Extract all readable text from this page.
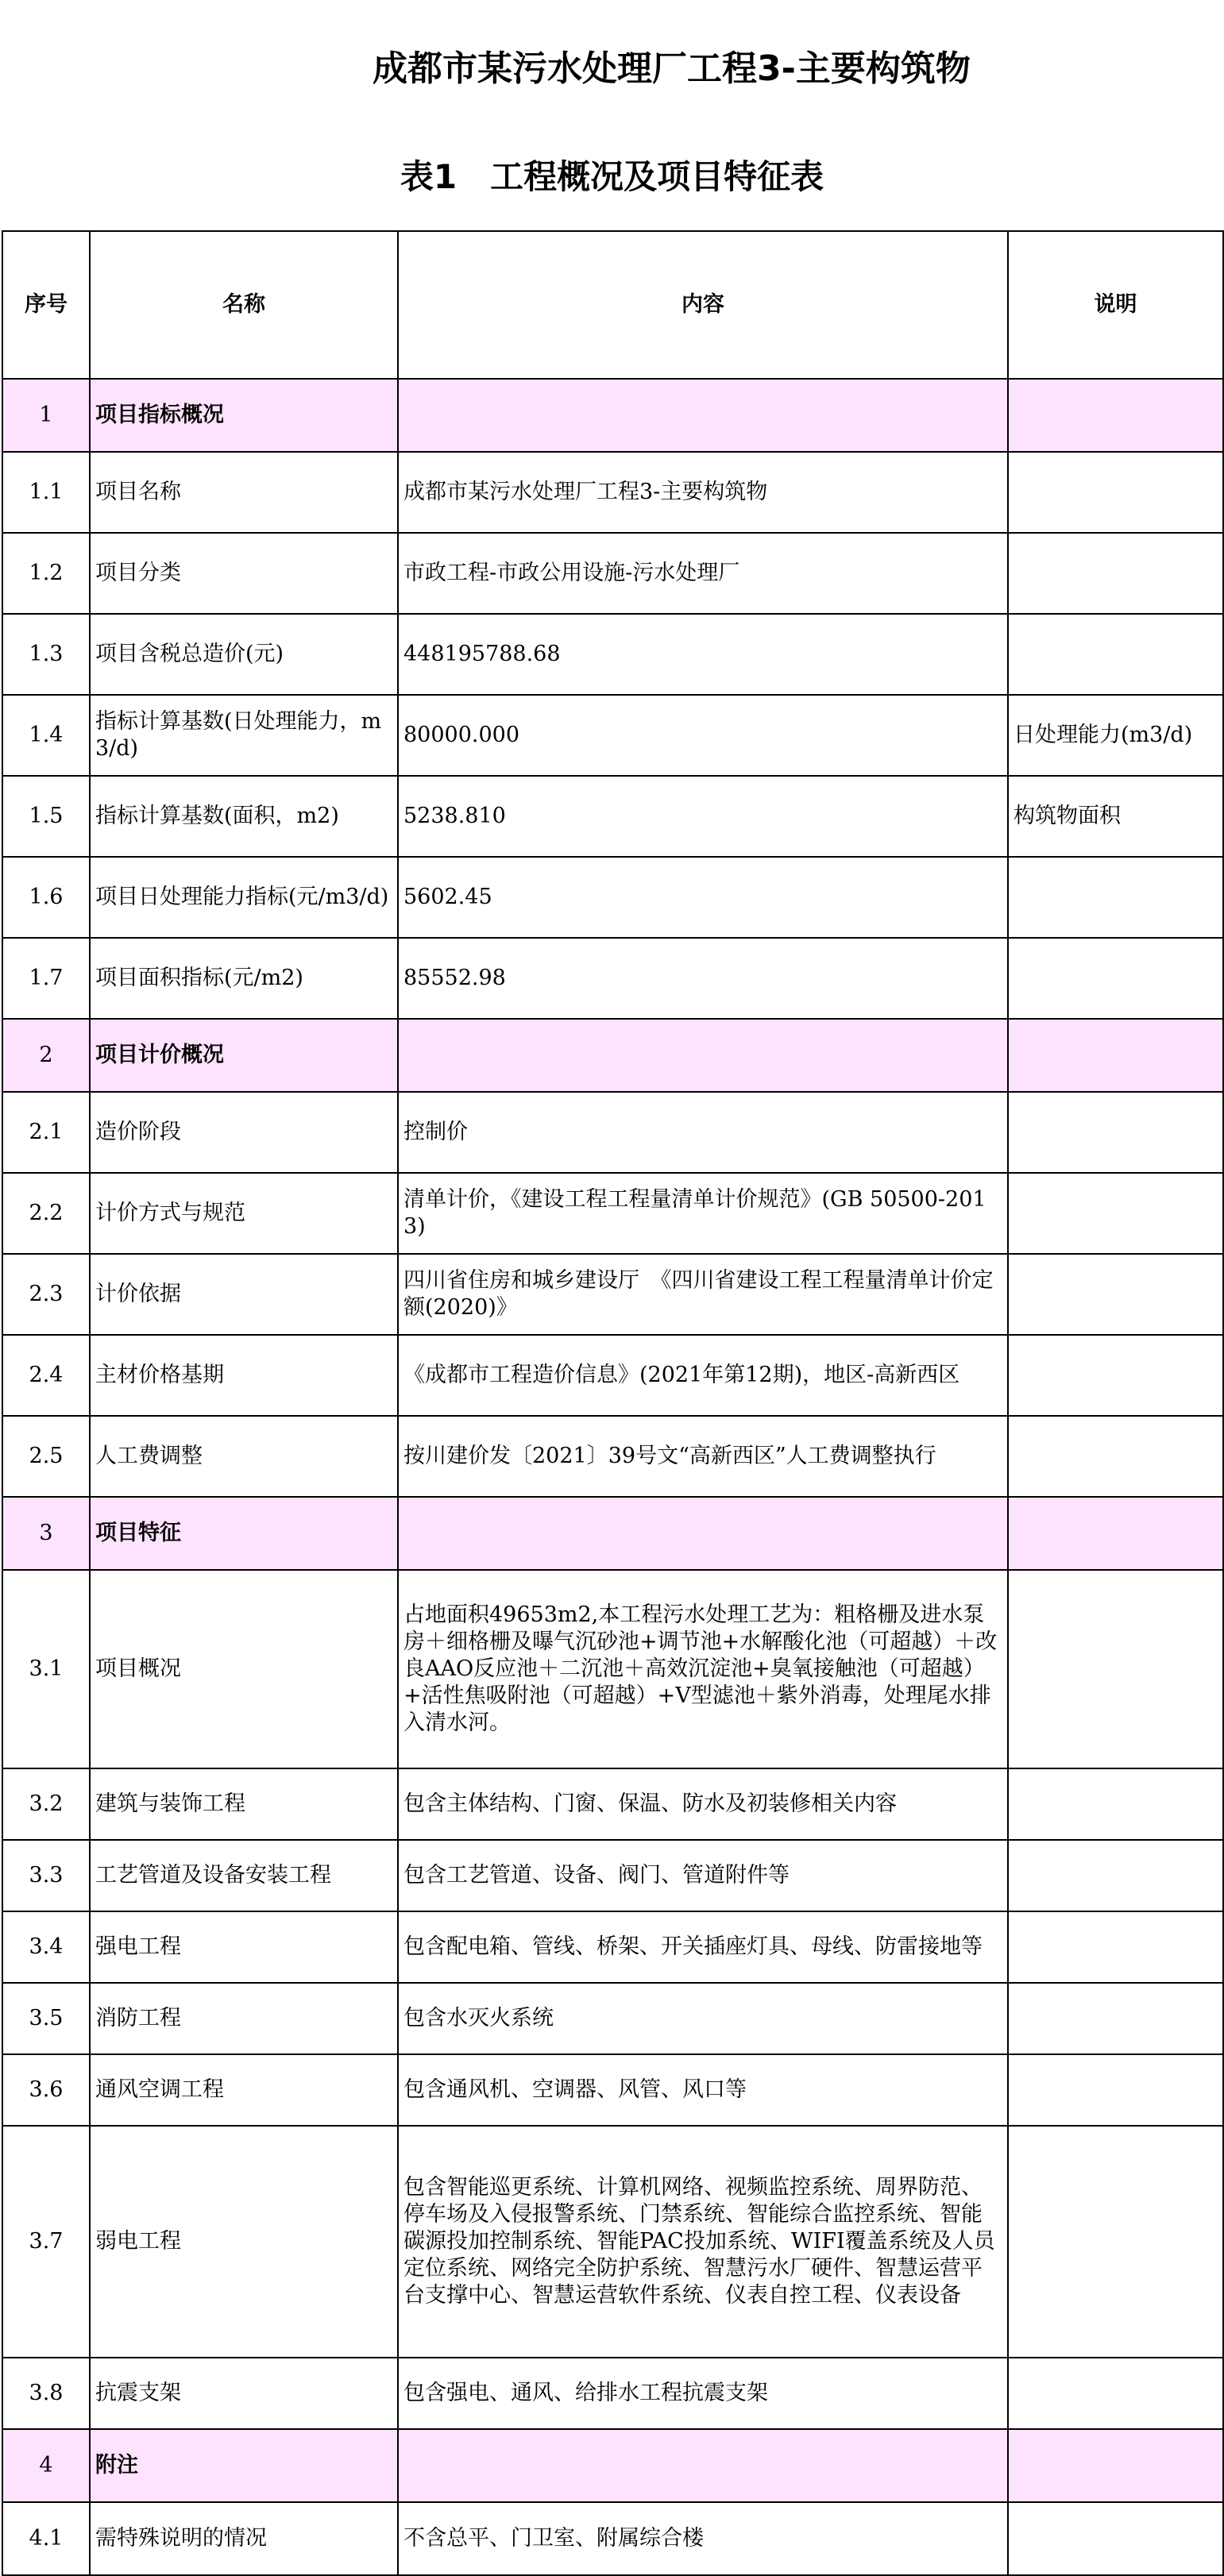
成都市某污水处理厂工程3-主要构筑物
表1　工程概况及项目特征表
序号	名称	内容	说明
1	项目指标概况		
1.1	项目名称	成都市某污水处理厂工程3-主要构筑物	
1.2	项目分类	市政工程-市政公用设施-污水处理厂	
1.3	项目含税总造价(元)	448195788.68	
1.4	指标计算基数(日处理能力，m3/d)	80000.000	日处理能力(m3/d)
1.5	指标计算基数(面积，m2)	5238.810	构筑物面积
1.6	项目日处理能力指标(元/m3/d)	5602.45	
1.7	项目面积指标(元/m2)	85552.98	
2	项目计价概况		
2.1	造价阶段	控制价	
2.2	计价方式与规范	清单计价，《建设工程工程量清单计价规范》(GB 50500-2013)	
2.3	计价依据	四川省住房和城乡建设厅　《四川省建设工程工程量清单计价定额(2020)》	
2.4	主材价格基期	《成都市工程造价信息》(2021年第12期)，地区-高新西区	
2.5	人工费调整	按川建价发〔2021〕39号文“高新西区”人工费调整执行	
3	项目特征		
3.1	项目概况	占地面积49653m2,本工程污水处理工艺为：粗格栅及进水泵房＋细格栅及曝气沉砂池+调节池+水解酸化池（可超越）＋改良AAO反应池＋二沉池＋高效沉淀池+臭氧接触池（可超越）+活性焦吸附池（可超越）+V型滤池＋紫外消毒，处理尾水排入清水河。	
3.2	建筑与装饰工程	包含主体结构、门窗、保温、防水及初装修相关内容	
3.3	工艺管道及设备安装工程	包含工艺管道、设备、阀门、管道附件等	
3.4	强电工程	包含配电箱、管线、桥架、开关插座灯具、母线、防雷接地等	
3.5	消防工程	包含水灭火系统	
3.6	通风空调工程	包含通风机、空调器、风管、风口等	
3.7	弱电工程	包含智能巡更系统、计算机网络、视频监控系统、周界防范、停车场及入侵报警系统、门禁系统、智能综合监控系统、智能碳源投加控制系统、智能PAC投加系统、WIFI覆盖系统及人员定位系统、网络完全防护系统、智慧污水厂硬件、智慧运营平台支撑中心、智慧运营软件系统、仪表自控工程、仪表设备	
3.8	抗震支架	包含强电、通风、给排水工程抗震支架	
4	附注		
4.1	需特殊说明的情况	不含总平、门卫室、附属综合楼	
